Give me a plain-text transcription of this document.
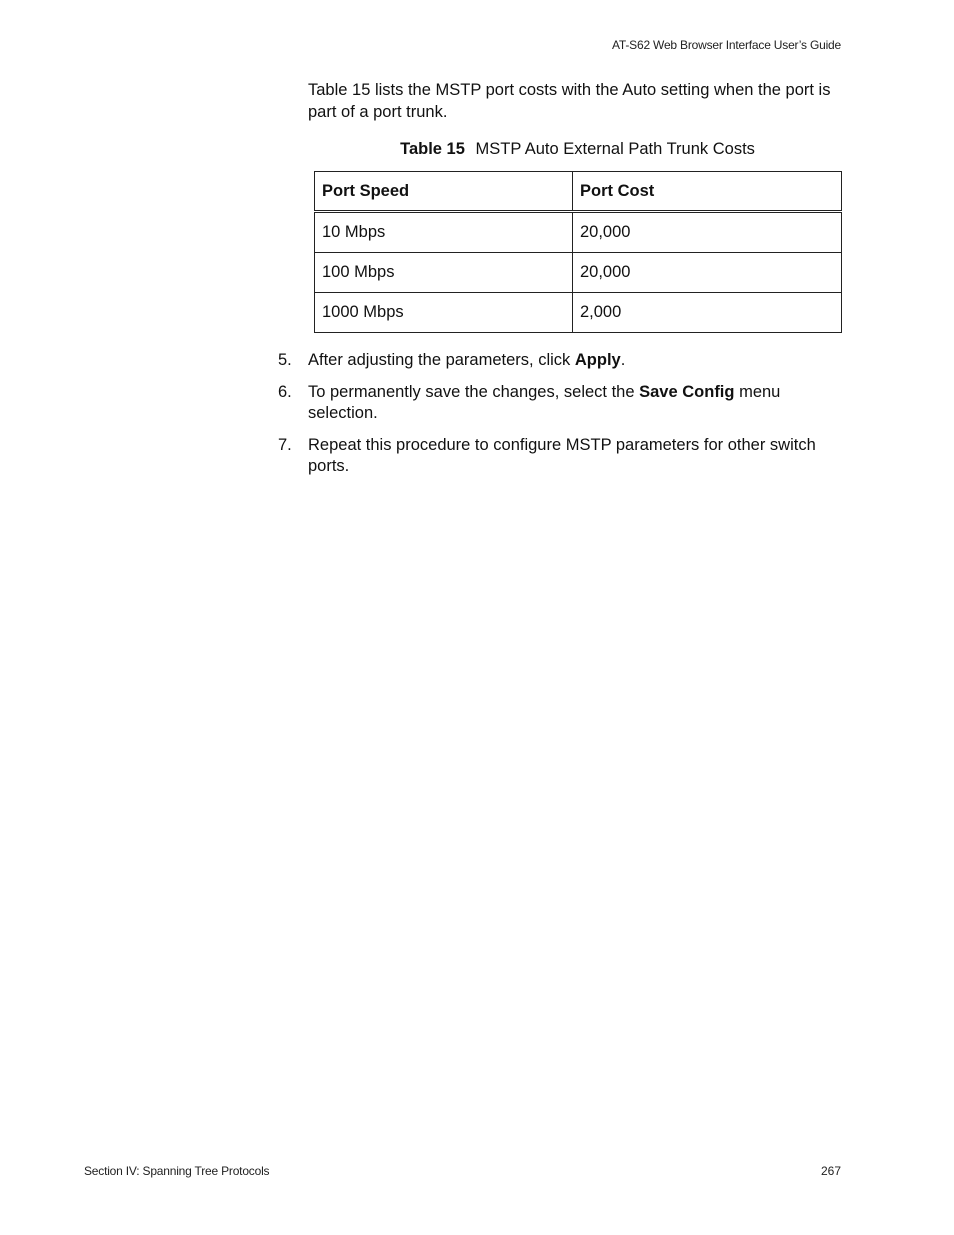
AT-S62 Web Browser Interface User’s Guide

Table 15 lists the MSTP port costs with the Auto setting when the port is part of a port trunk.

Table 15 MSTP Auto External Path Trunk Costs

Port Speed	Port Cost
10 Mbps	20,000
100 Mbps	20,000
1000 Mbps	2,000
5. After adjusting the parameters, click Apply.
6. To permanently save the changes, select the Save Config menu selection.
7. Repeat this procedure to configure MSTP parameters for other switch ports.
Section IV: Spanning Tree Protocols	267
